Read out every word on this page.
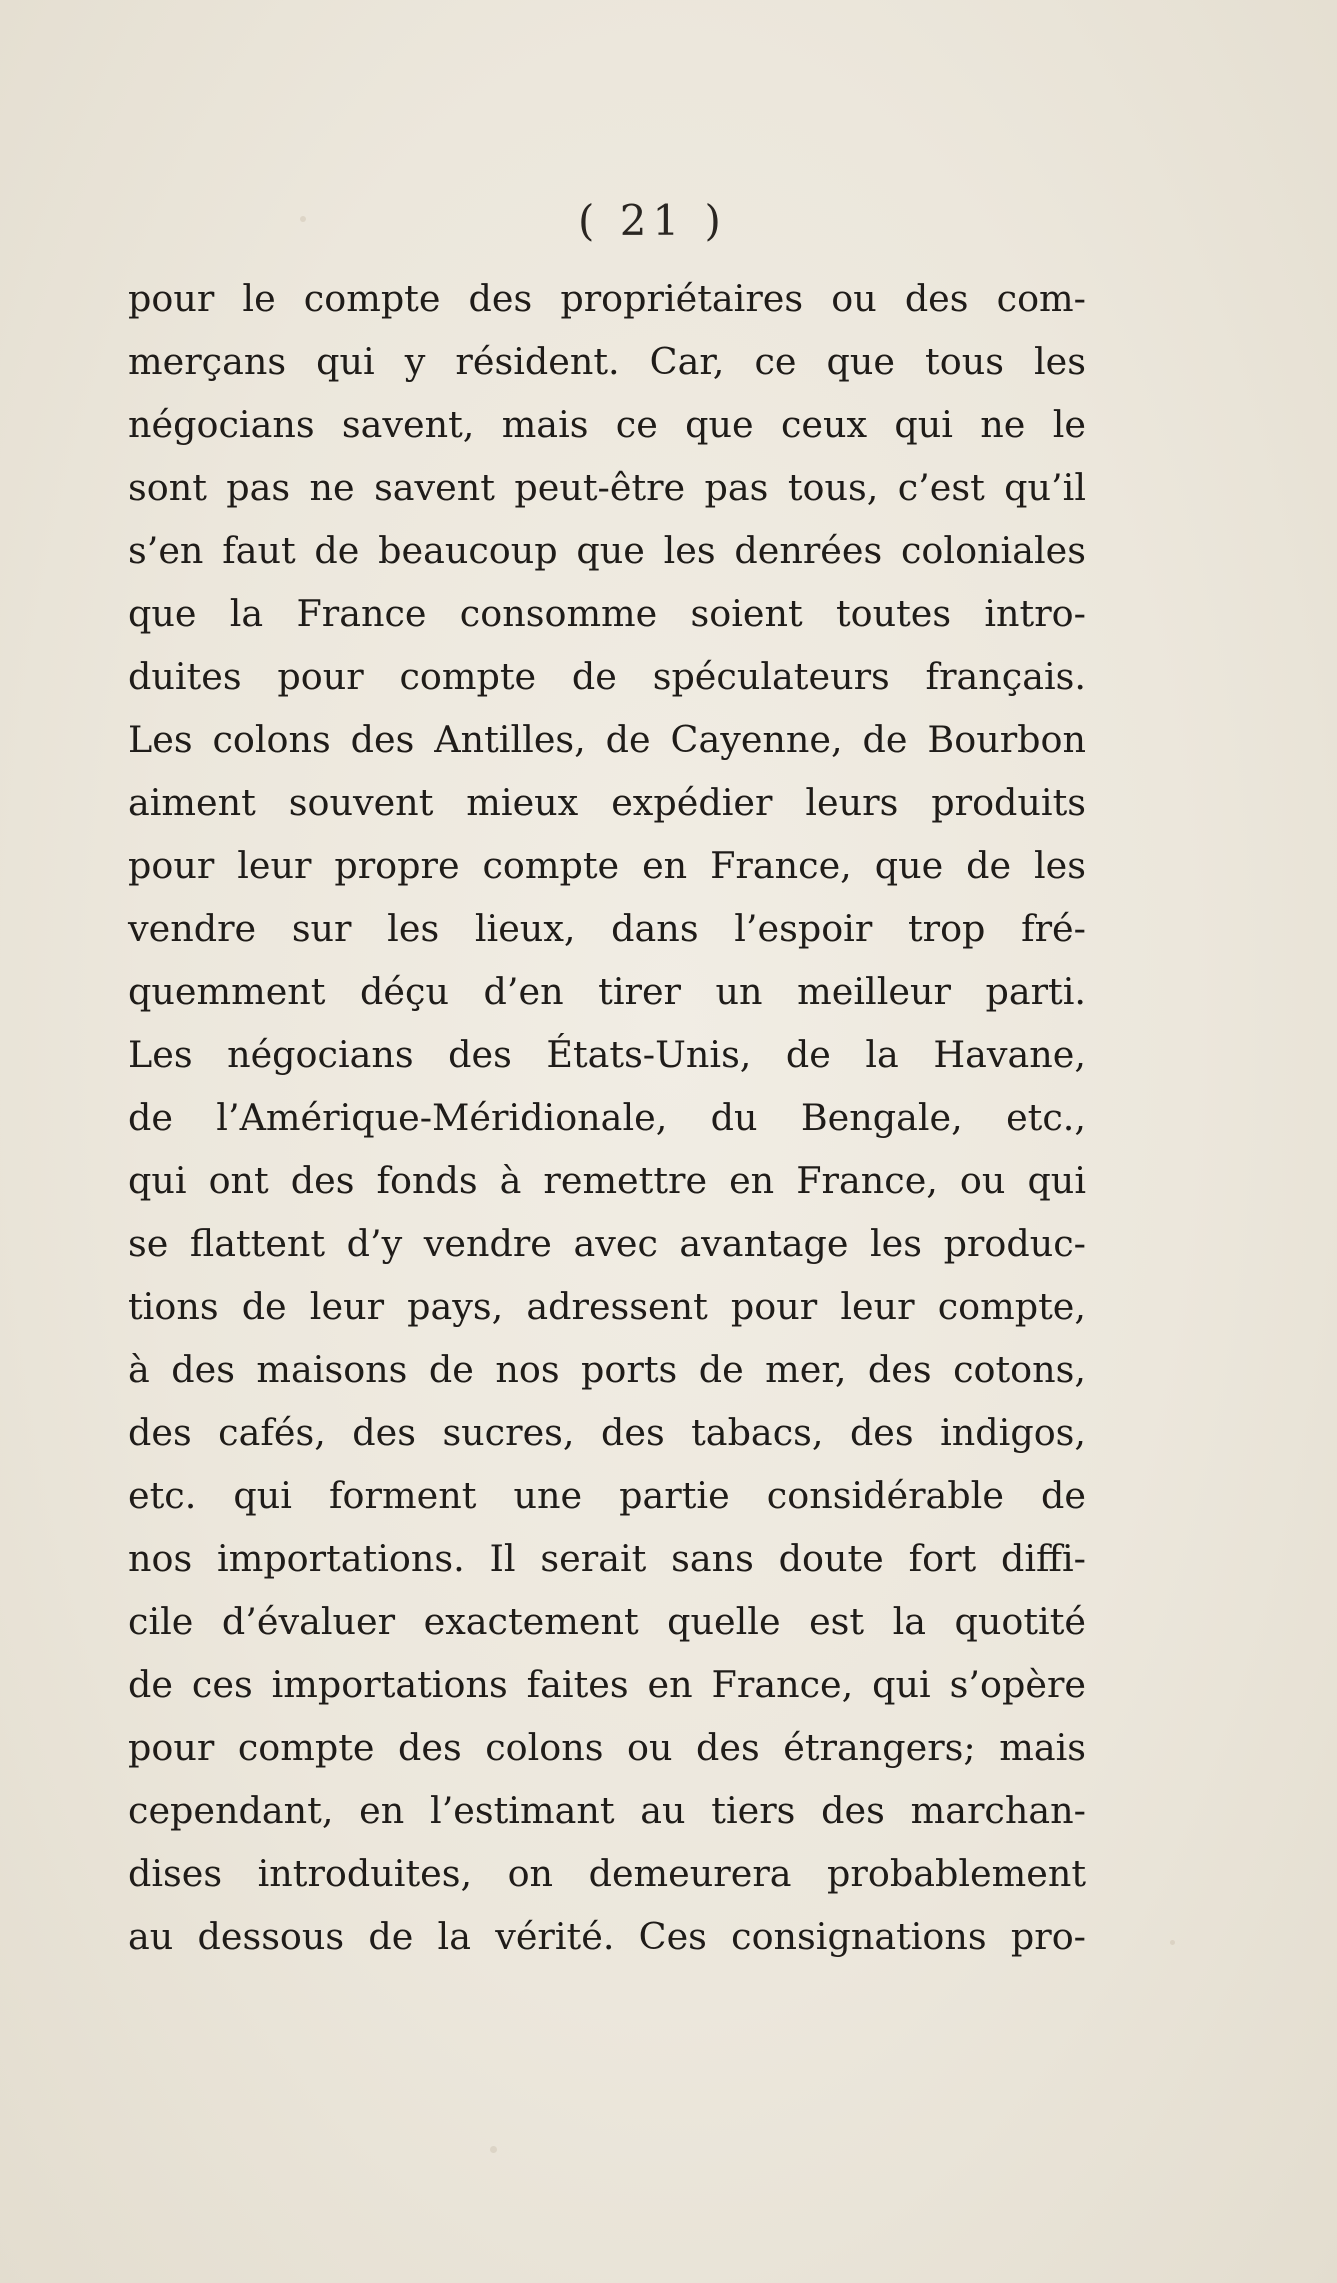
( 21 )
pour le compte des propriétaires ou des com-
merçans qui y résident. Car, ce que tous les
négocians savent, mais ce que ceux qui ne le
sont pas ne savent peut-être pas tous, c’est qu’il
s’en faut de beaucoup que les denrées coloniales
que la France consomme soient toutes intro-
duites pour compte de spéculateurs français.
Les colons des Antilles, de Cayenne, de Bourbon
aiment souvent mieux expédier leurs produits
pour leur propre compte en France, que de les
vendre sur les lieux, dans l’espoir trop fré-
quemment déçu d’en tirer un meilleur parti.
Les négocians des États-Unis, de la Havane,
de l’Amérique-Méridionale, du Bengale, etc.,
qui ont des fonds à remettre en France, ou qui
se flattent d’y vendre avec avantage les produc-
tions de leur pays, adressent pour leur compte,
à des maisons de nos ports de mer, des cotons,
des cafés, des sucres, des tabacs, des indigos,
etc. qui forment une partie considérable de
nos importations. Il serait sans doute fort diffi-
cile d’évaluer exactement quelle est la quotité
de ces importations faites en France, qui s’opère
pour compte des colons ou des étrangers; mais
cependant, en l’estimant au tiers des marchan-
dises introduites, on demeurera probablement
au dessous de la vérité. Ces consignations pro-
